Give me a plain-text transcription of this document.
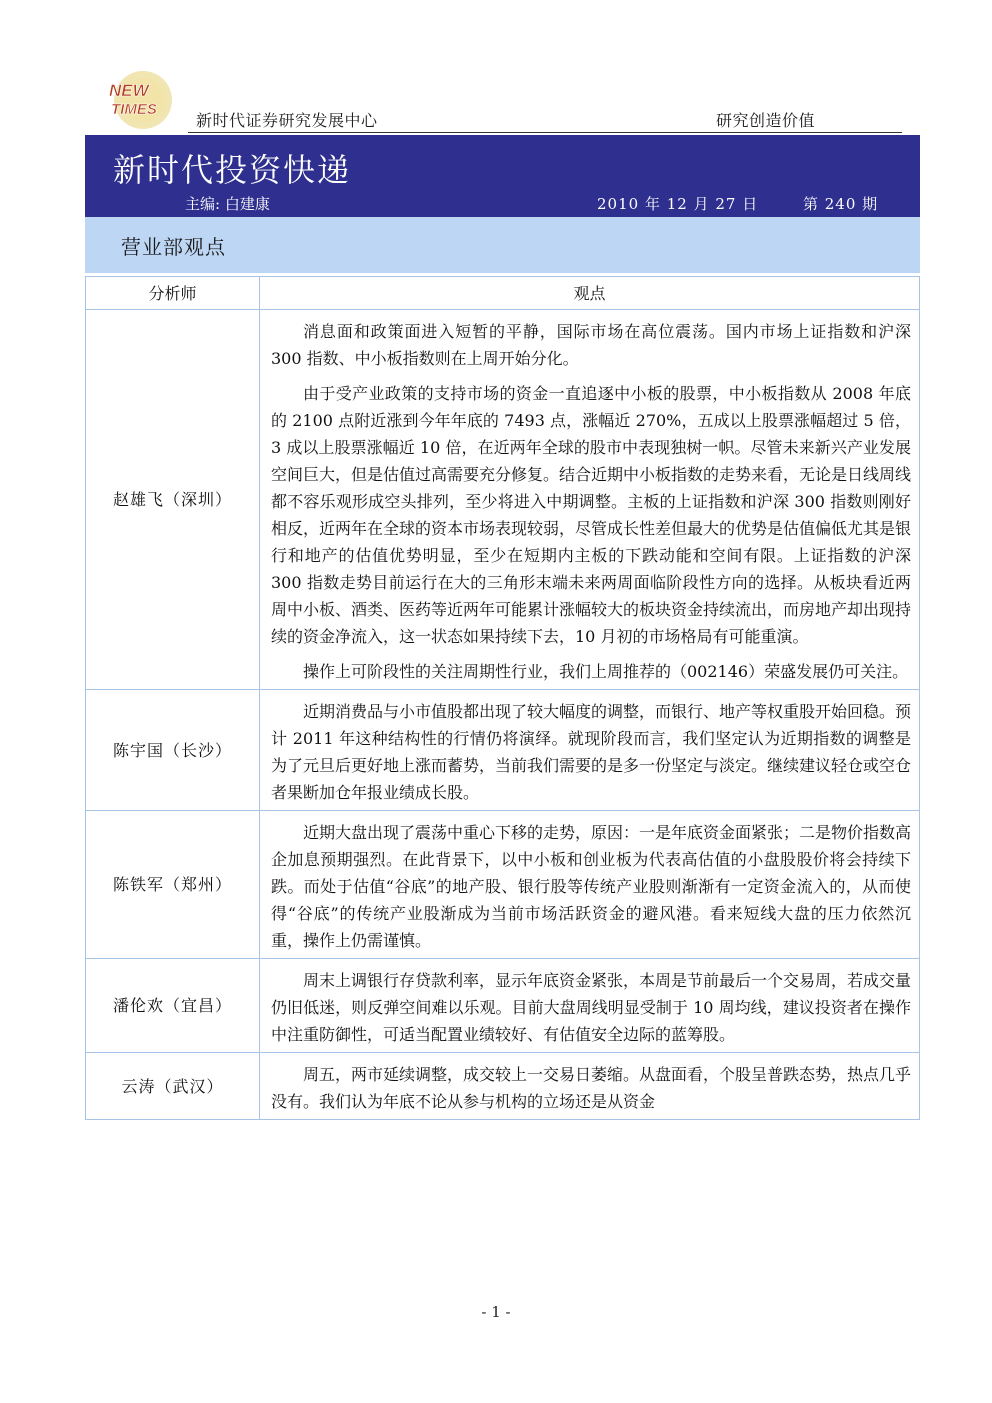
NEW
TIMES
新时代证券研究发展中心	研究创造价值
新时代投资快递
主编: 白建康	2010 年 12 月 27 日	第 240 期
营业部观点
分析师	观点
赵雄飞（深圳）	消息面和政策面进入短暂的平静，国际市场在高位震荡。国内市场上证指数和沪深 300 指数、中小板指数则在上周开始分化。

由于受产业政策的支持市场的资金一直追逐中小板的股票，中小板指数从 2008 年底的 2100 点附近涨到今年年底的 7493 点，涨幅近 270%，五成以上股票涨幅超过 5 倍，3 成以上股票涨幅近 10 倍，在近两年全球的股市中表现独树一帜。尽管未来新兴产业发展空间巨大，但是估值过高需要充分修复。结合近期中小板指数的走势来看，无论是日线周线都不容乐观形成空头排列，至少将进入中期调整。主板的上证指数和沪深 300 指数则刚好相反，近两年在全球的资本市场表现较弱，尽管成长性差但最大的优势是估值偏低尤其是银行和地产的估值优势明显，至少在短期内主板的下跌动能和空间有限。上证指数的沪深 300 指数走势目前运行在大的三角形末端未来两周面临阶段性方向的选择。从板块看近两周中小板、酒类、医药等近两年可能累计涨幅较大的板块资金持续流出，而房地产却出现持续的资金净流入，这一状态如果持续下去，10 月初的市场格局有可能重演。

操作上可阶段性的关注周期性行业，我们上周推荐的（002146）荣盛发展仍可关注。

陈宇国（长沙）	近期消费品与小市值股都出现了较大幅度的调整，而银行、地产等权重股开始回稳。预计 2011 年这种结构性的行情仍将演绎。就现阶段而言，我们坚定认为近期指数的调整是为了元旦后更好地上涨而蓄势，当前我们需要的是多一份坚定与淡定。继续建议轻仓或空仓者果断加仓年报业绩成长股。

陈铁军（郑州）	近期大盘出现了震荡中重心下移的走势，原因：一是年底资金面紧张；二是物价指数高企加息预期强烈。在此背景下，以中小板和创业板为代表高估值的小盘股股价将会持续下跌。而处于估值“谷底”的地产股、银行股等传统产业股则渐渐有一定资金流入的，从而使得“谷底”的传统产业股渐成为当前市场活跃资金的避风港。看来短线大盘的压力依然沉重，操作上仍需谨慎。

潘伦欢（宜昌）	周末上调银行存贷款利率，显示年底资金紧张，本周是节前最后一个交易周，若成交量仍旧低迷，则反弹空间难以乐观。目前大盘周线明显受制于 10 周均线，建议投资者在操作中注重防御性，可适当配置业绩较好、有估值安全边际的蓝筹股。

云涛（武汉）	周五，两市延续调整，成交较上一交易日萎缩。从盘面看，个股呈普跌态势，热点几乎没有。我们认为年底不论从参与机构的立场还是从资金

- 1 -
